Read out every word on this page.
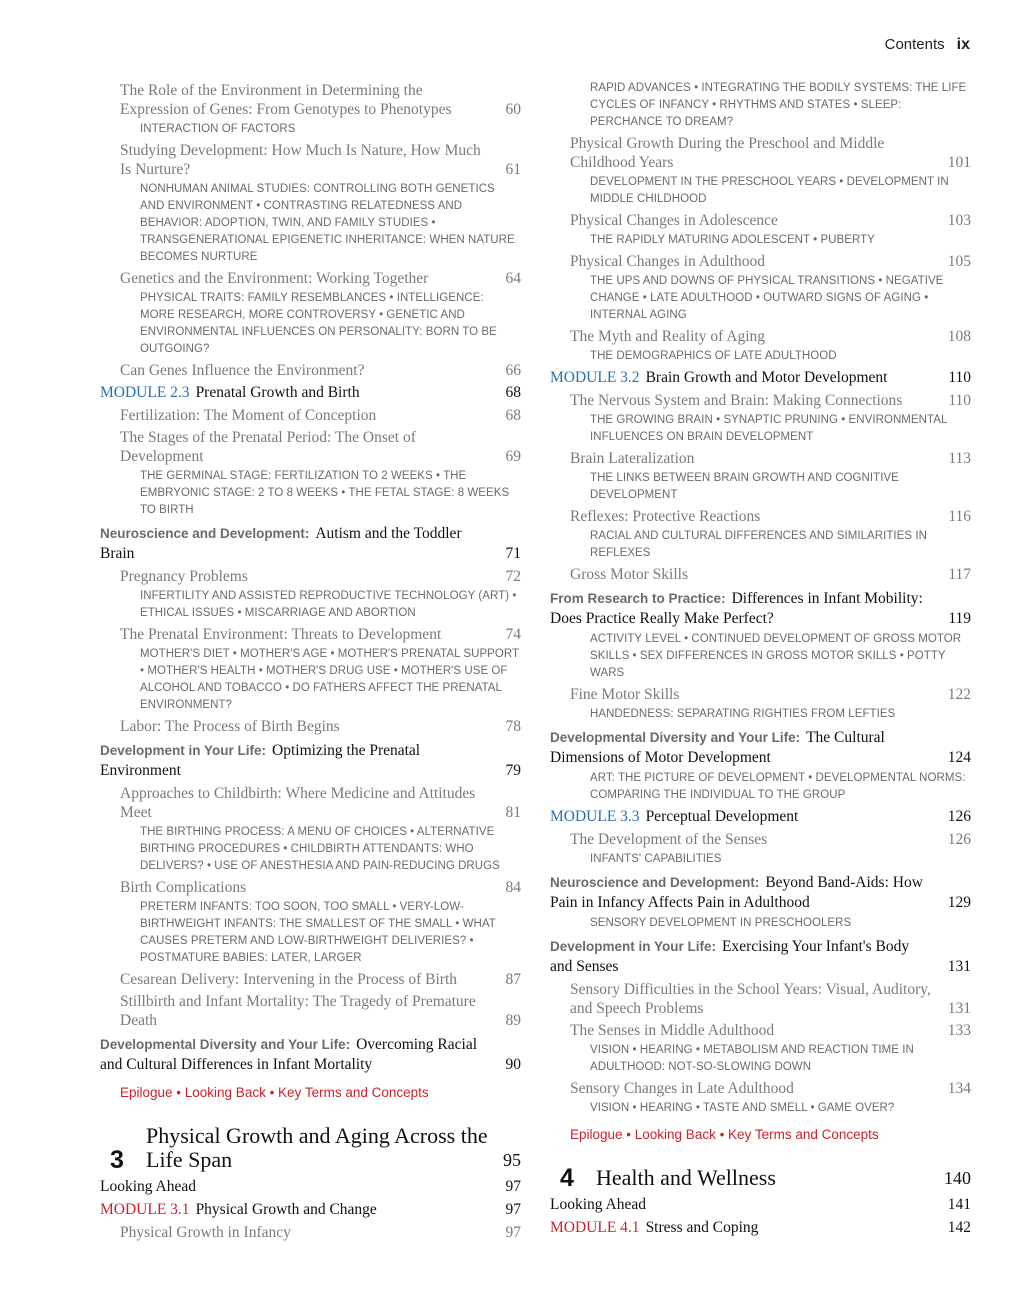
Contents ix
The Role of the Environment in Determining the Expression of Genes: From Genotypes to Phenotypes	60
INTERACTION OF FACTORS
Studying Development: How Much Is Nature, How Much Is Nurture?	61
NONHUMAN ANIMAL STUDIES: CONTROLLING BOTH GENETICS AND ENVIRONMENT • CONTRASTING RELATEDNESS AND BEHAVIOR: ADOPTION, TWIN, AND FAMILY STUDIES • TRANSGENERATIONAL EPIGENETIC INHERITANCE: WHEN NATURE BECOMES NURTURE
Genetics and the Environment: Working Together	64
PHYSICAL TRAITS: FAMILY RESEMBLANCES • INTELLIGENCE: MORE RESEARCH, MORE CONTROVERSY • GENETIC AND ENVIRONMENTAL INFLUENCES ON PERSONALITY: BORN TO BE OUTGOING?
Can Genes Influence the Environment?	66
MODULE 2.3 Prenatal Growth and Birth	68
Fertilization: The Moment of Conception	68
The Stages of the Prenatal Period: The Onset of Development	69
THE GERMINAL STAGE: FERTILIZATION TO 2 WEEKS • THE EMBRYONIC STAGE: 2 TO 8 WEEKS • THE FETAL STAGE: 8 WEEKS TO BIRTH
Neuroscience and Development: Autism and the Toddler Brain	71
Pregnancy Problems	72
INFERTILITY AND ASSISTED REPRODUCTIVE TECHNOLOGY (ART) • ETHICAL ISSUES • MISCARRIAGE AND ABORTION
The Prenatal Environment: Threats to Development	74
MOTHER'S DIET • MOTHER'S AGE • MOTHER'S PRENATAL SUPPORT • MOTHER'S HEALTH • MOTHER'S DRUG USE • MOTHER'S USE OF ALCOHOL AND TOBACCO • DO FATHERS AFFECT THE PRENATAL ENVIRONMENT?
Labor: The Process of Birth Begins	78
Development in Your Life: Optimizing the Prenatal Environment	79
Approaches to Childbirth: Where Medicine and Attitudes Meet	81
THE BIRTHING PROCESS: A MENU OF CHOICES • ALTERNATIVE BIRTHING PROCEDURES • CHILDBIRTH ATTENDANTS: WHO DELIVERS? • USE OF ANESTHESIA AND PAIN-REDUCING DRUGS
Birth Complications	84
PRETERM INFANTS: TOO SOON, TOO SMALL • VERY-LOW-BIRTHWEIGHT INFANTS: THE SMALLEST OF THE SMALL • WHAT CAUSES PRETERM AND LOW-BIRTHWEIGHT DELIVERIES? • POSTMATURE BABIES: LATER, LARGER
Cesarean Delivery: Intervening in the Process of Birth	87
Stillbirth and Infant Mortality: The Tragedy of Premature Death	89
Developmental Diversity and Your Life: Overcoming Racial and Cultural Differences in Infant Mortality	90
Epilogue • Looking Back • Key Terms and Concepts
3
Physical Growth and Aging Across the Life Span	95
Looking Ahead	97
MODULE 3.1 Physical Growth and Change	97
Physical Growth in Infancy	97
RAPID ADVANCES • INTEGRATING THE BODILY SYSTEMS: THE LIFE CYCLES OF INFANCY • RHYTHMS AND STATES • SLEEP: PERCHANCE TO DREAM?
Physical Growth During the Preschool and Middle Childhood Years	101
DEVELOPMENT IN THE PRESCHOOL YEARS • DEVELOPMENT IN MIDDLE CHILDHOOD
Physical Changes in Adolescence	103
THE RAPIDLY MATURING ADOLESCENT • PUBERTY
Physical Changes in Adulthood	105
THE UPS AND DOWNS OF PHYSICAL TRANSITIONS • NEGATIVE CHANGE • LATE ADULTHOOD • OUTWARD SIGNS OF AGING • INTERNAL AGING
The Myth and Reality of Aging	108
THE DEMOGRAPHICS OF LATE ADULTHOOD
MODULE 3.2 Brain Growth and Motor Development	110
The Nervous System and Brain: Making Connections	110
THE GROWING BRAIN • SYNAPTIC PRUNING • ENVIRONMENTAL INFLUENCES ON BRAIN DEVELOPMENT
Brain Lateralization	113
THE LINKS BETWEEN BRAIN GROWTH AND COGNITIVE DEVELOPMENT
Reflexes: Protective Reactions	116
RACIAL AND CULTURAL DIFFERENCES AND SIMILARITIES IN REFLEXES
Gross Motor Skills	117
From Research to Practice: Differences in Infant Mobility: Does Practice Really Make Perfect?	119
ACTIVITY LEVEL • CONTINUED DEVELOPMENT OF GROSS MOTOR SKILLS • SEX DIFFERENCES IN GROSS MOTOR SKILLS • POTTY WARS
Fine Motor Skills	122
HANDEDNESS: SEPARATING RIGHTIES FROM LEFTIES
Developmental Diversity and Your Life: The Cultural Dimensions of Motor Development	124
ART: THE PICTURE OF DEVELOPMENT • DEVELOPMENTAL NORMS: COMPARING THE INDIVIDUAL TO THE GROUP
MODULE 3.3 Perceptual Development	126
The Development of the Senses	126
INFANTS' CAPABILITIES
Neuroscience and Development: Beyond Band-Aids: How Pain in Infancy Affects Pain in Adulthood	129
SENSORY DEVELOPMENT IN PRESCHOOLERS
Development in Your Life: Exercising Your Infant's Body and Senses	131
Sensory Difficulties in the School Years: Visual, Auditory, and Speech Problems	131
The Senses in Middle Adulthood	133
VISION • HEARING • METABOLISM AND REACTION TIME IN ADULTHOOD: NOT-SO-SLOWING DOWN
Sensory Changes in Late Adulthood	134
VISION • HEARING • TASTE AND SMELL • GAME OVER?
Epilogue • Looking Back • Key Terms and Concepts
4	Health and Wellness	140
Looking Ahead	141
MODULE 4.1 Stress and Coping	142
